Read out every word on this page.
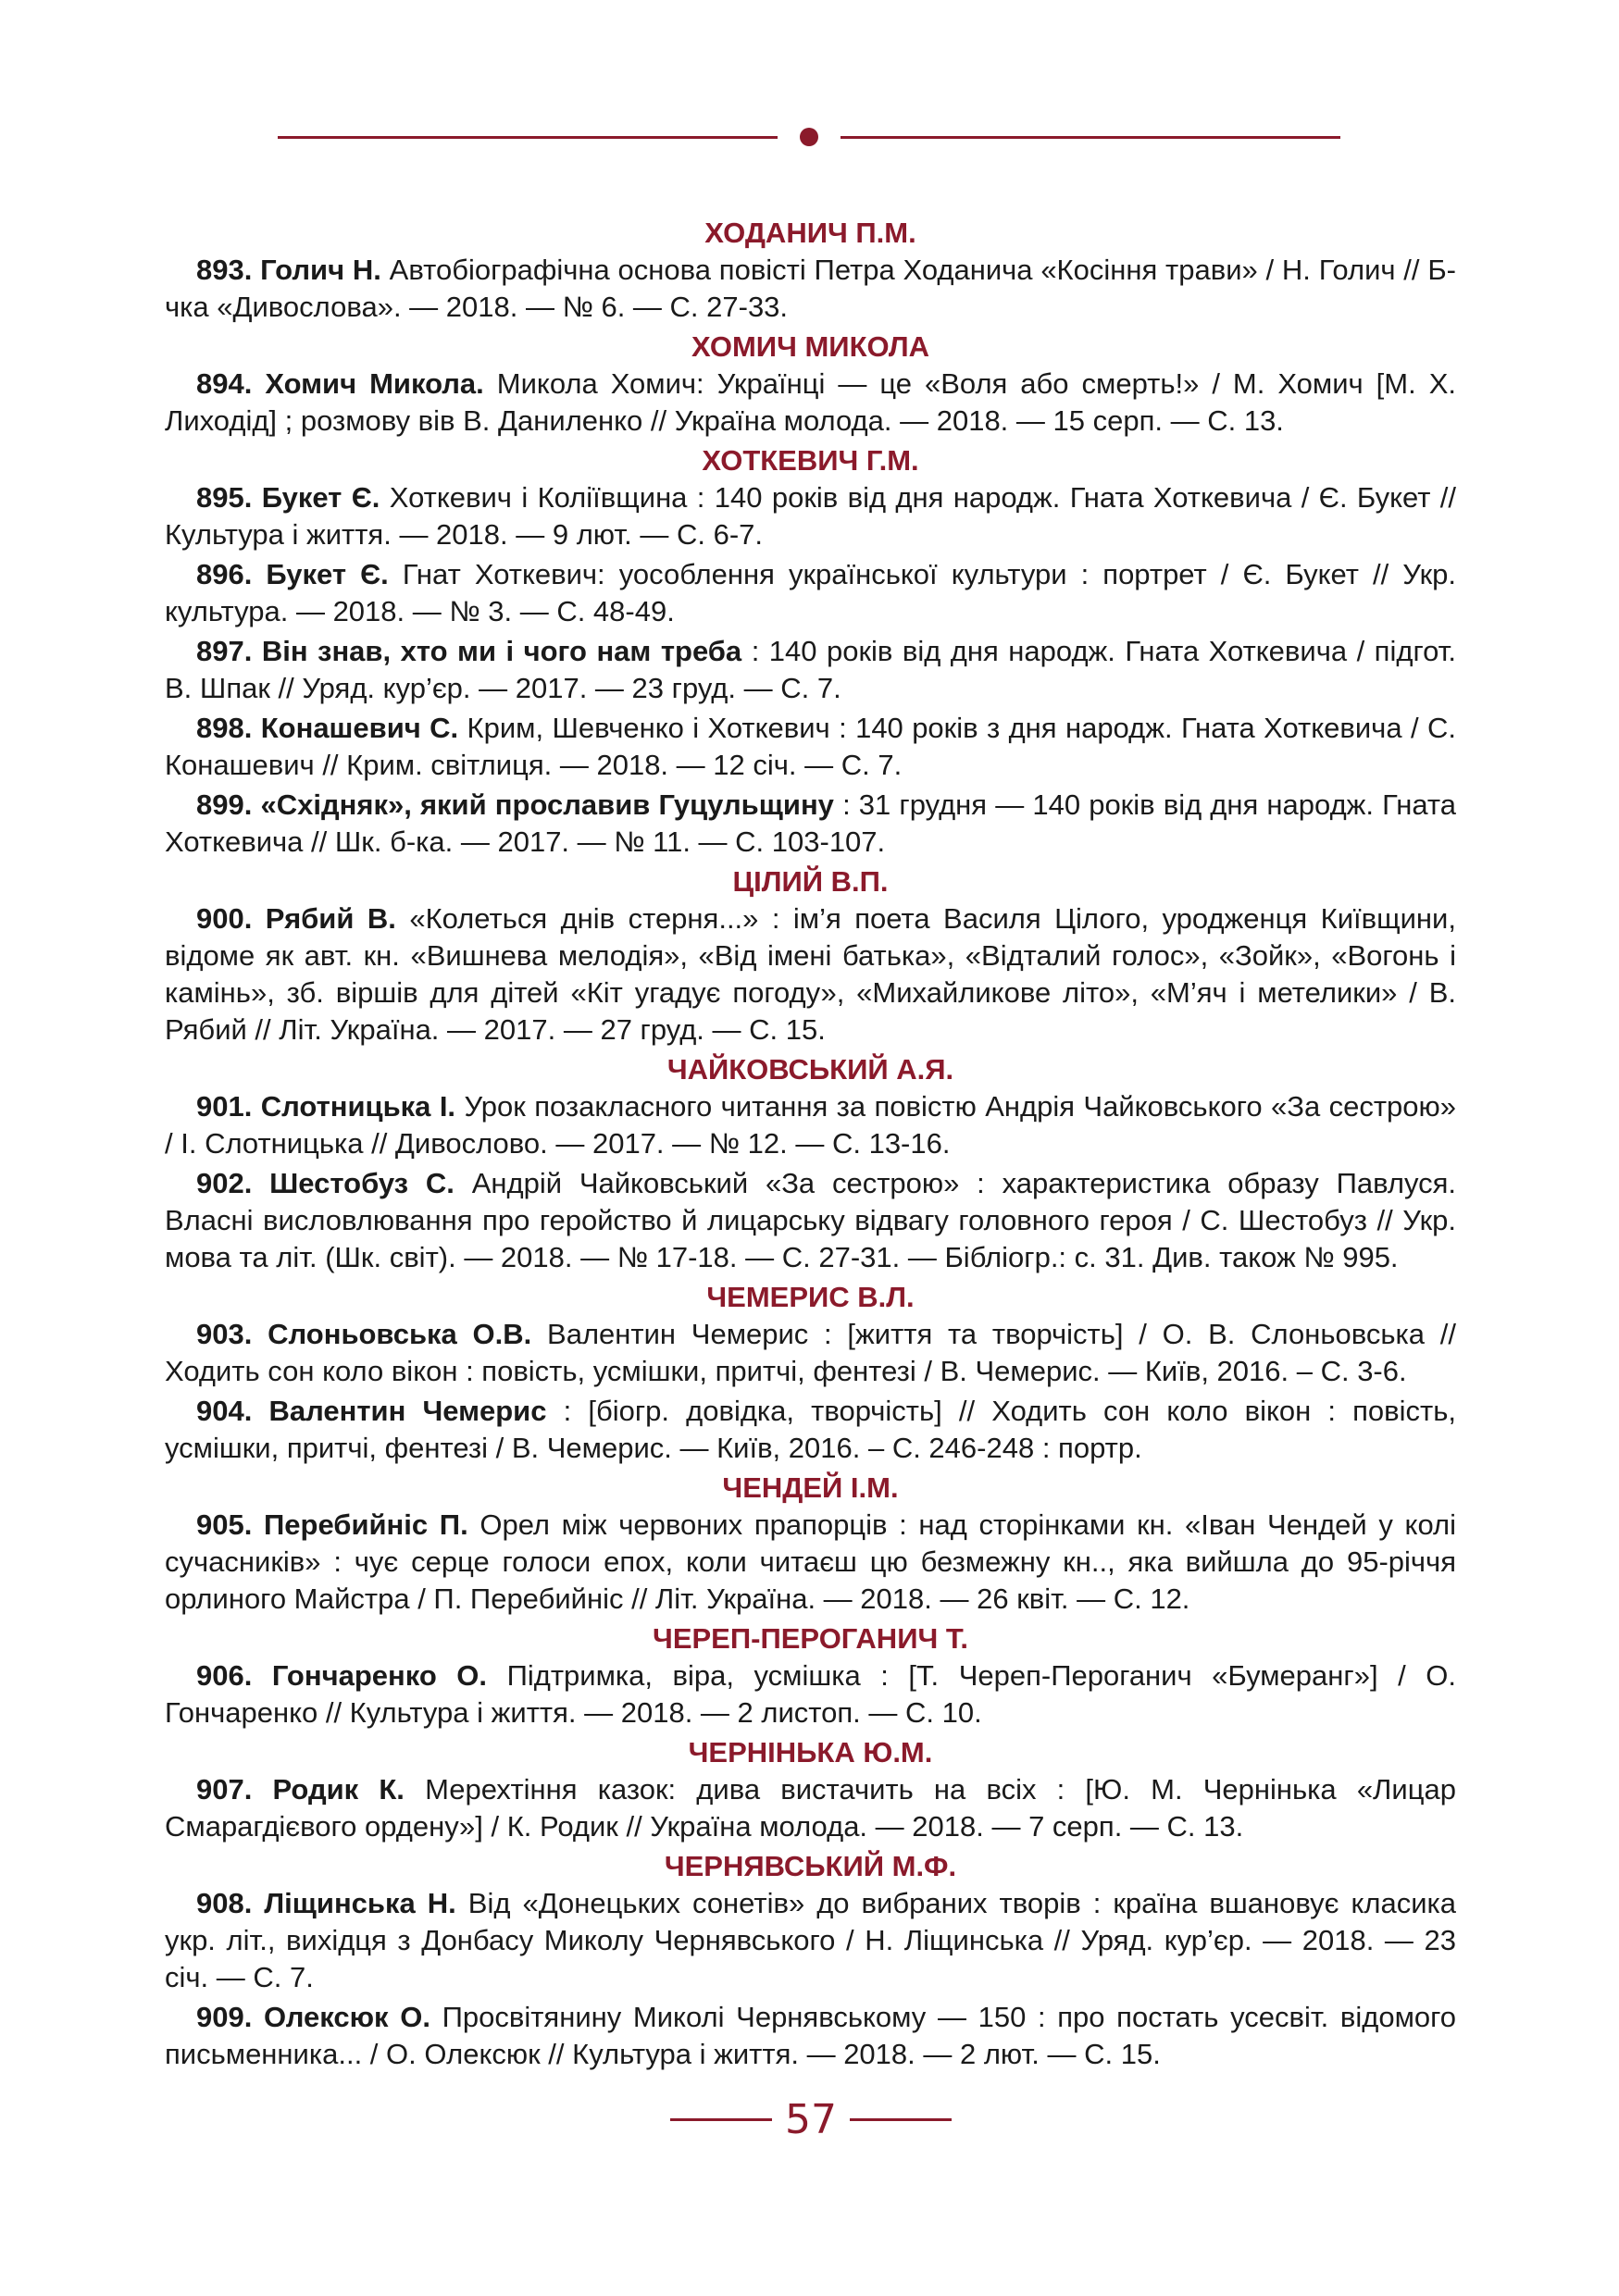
ХОДАНИЧ П.М.

893. Голич Н. Автобіографічна основа повісті Петра Ходанича «Косіння трави» / Н. Голич // Б-чка «Дивослова». — 2018. — № 6. — С. 27-33.

ХОМИЧ МИКОЛА

894. Хомич Микола. Микола Хомич: Українці — це «Воля або смерть!» / М. Хомич [М. Х. Лиходід] ; розмову вів В. Даниленко // Україна молода. — 2018. — 15 серп. — С. 13.

ХОТКЕВИЧ Г.М.

895. Букет Є. Хоткевич і Коліївщина : 140 років від дня народж. Гната Хоткевича / Є. Букет // Культура і життя. — 2018. — 9 лют. — С. 6-7.

896. Букет Є. Гнат Хоткевич: уособлення української культури : портрет / Є. Букет // Укр. культура. — 2018. — № 3. — С. 48-49.

897. Він знав, хто ми і чого нам треба : 140 років від дня народж. Гната Хоткевича / підгот. В. Шпак // Уряд. кур’єр. — 2017. — 23 груд. — С. 7.

898. Конашевич С. Крим, Шевченко і Хоткевич : 140 років з дня народж. Гната Хоткевича / С. Конашевич // Крим. світлиця. — 2018. — 12 січ. — С. 7.

899. «Східняк», який прославив Гуцульщину : 31 грудня — 140 років від дня народж. Гната Хоткевича // Шк. б-ка. — 2017. — № 11. — С. 103-107.

ЦІЛИЙ В.П.

900. Рябий В. «Колеться днів стерня...» : ім’я поета Василя Цілого, уродженця Київщини, відоме як авт. кн. «Вишнева мелодія», «Від імені батька», «Відталий голос», «Зойк», «Вогонь і камінь», зб. віршів для дітей «Кіт угадує погоду», «Михайликове літо», «М’яч і метелики» / В. Рябий // Літ. Україна. — 2017. — 27 груд. — С. 15.

ЧАЙКОВСЬКИЙ А.Я.

901. Слотницька І. Урок позакласного читання за повістю Андрія Чайковського «За сестрою» / І. Слотницька // Дивослово. — 2017. — № 12. — С. 13-16.

902. Шестобуз С. Андрій Чайковський «За сестрою» : характеристика образу Павлуся. Власні висловлювання про геройство й лицарську відвагу головного героя / С. Шестобуз // Укр. мова та літ. (Шк. світ). — 2018. — № 17-18. — С. 27-31. — Бібліогр.: с. 31. Див. також № 995.

ЧЕМЕРИС В.Л.

903. Слоньовська О.В. Валентин Чемерис : [життя та творчість] / О. В. Слоньовська // Ходить сон коло вікон : повість, усмішки, притчі, фентезі / В. Чемерис. — Київ, 2016. – С. 3-6.

904. Валентин Чемерис : [біогр. довідка, творчість] // Ходить сон коло вікон : повість, усмішки, притчі, фентезі / В. Чемерис. — Київ, 2016. – С. 246-248 : портр.

ЧЕНДЕЙ І.М.

905. Перебийніс П. Орел між червоних прапорців : над сторінками кн. «Іван Чендей у колі сучасників» : чує серце голоси епох, коли читаєш цю безмежну кн.., яка вийшла до 95-річчя орлиного Майстра / П. Перебийніс // Літ. Україна. — 2018. — 26 квіт. — С. 12.

ЧЕРЕП-ПЕРОГАНИЧ Т.

906. Гончаренко О. Підтримка, віра, усмішка : [Т. Череп-Пероганич «Бумеранг»] / О. Гончаренко // Культура і життя. — 2018. — 2 листоп. — С. 10.

ЧЕРНІНЬКА Ю.М.

907. Родик К. Мерехтіння казок: дива вистачить на всіх : [Ю. М. Чернінька «Лицар Смарагдієвого ордену»] / К. Родик // Україна молода. — 2018. — 7 серп. — С. 13.

ЧЕРНЯВСЬКИЙ М.Ф.

908. Ліщинська Н. Від «Донецьких сонетів» до вибраних творів : країна вшановує класика укр. літ., вихідця з Донбасу Миколу Чернявського / Н. Ліщинська // Уряд. кур’єр. — 2018. — 23 січ. — С. 7.

909. Олексюк О. Просвітянину Миколі Чернявському — 150 : про постать усесвіт. відомого письменника... / О. Олексюк // Культура і життя. — 2018. — 2 лют. — С. 15.

57
